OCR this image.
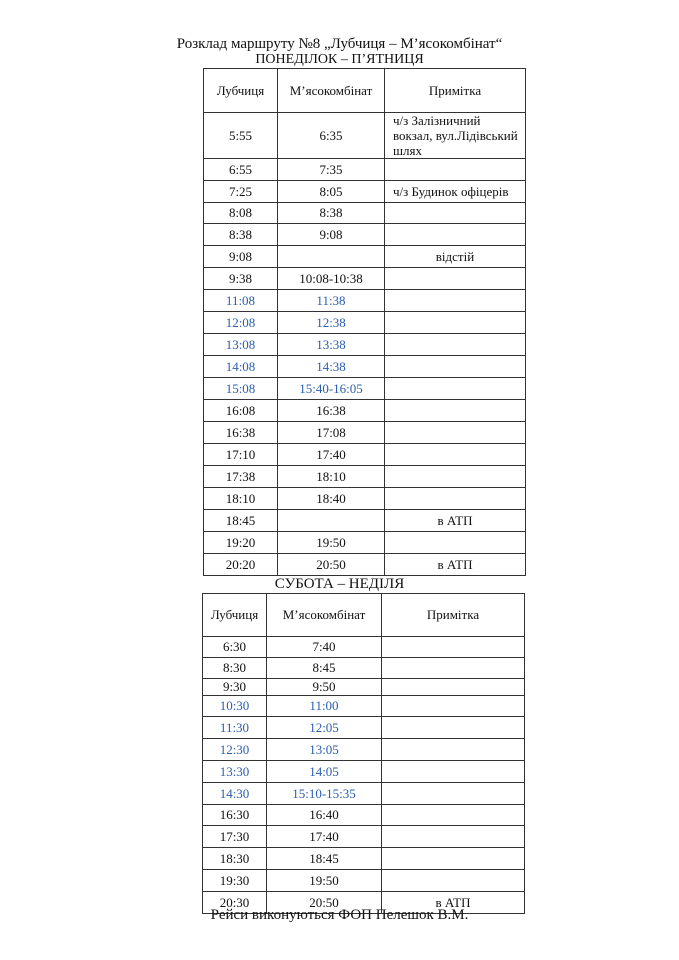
Розклад маршруту №8 „Лубчиця – М’ясокомбінат“
ПОНЕДІЛОК – П’ЯТНИЦЯ
Лубчиця	М’ясокомбінат	Примітка
5:55	6:35	ч/з Залізничний вокзал, вул.Лідівський шлях
6:55	7:35	
7:25	8:05	ч/з Будинок офіцерів
8:08	8:38	
8:38	9:08	
9:08		відстій
9:38	10:08-10:38	
11:08	11:38	
12:08	12:38	
13:08	13:38	
14:08	14:38	
15:08	15:40-16:05	
16:08	16:38	
16:38	17:08	
17:10	17:40	
17:38	18:10	
18:10	18:40	
18:45		в АТП
19:20	19:50	
20:20	20:50	в АТП
СУБОТА – НЕДІЛЯ
Лубчиця	М’ясокомбінат	Примітка
6:30	7:40	
8:30	8:45	
9:30	9:50	
10:30	11:00	
11:30	12:05	
12:30	13:05	
13:30	14:05	
14:30	15:10-15:35	
16:30	16:40	
17:30	17:40	
18:30	18:45	
19:30	19:50	
20:30	20:50	в АТП
Рейси виконуються ФОП Пелешок В.М.
